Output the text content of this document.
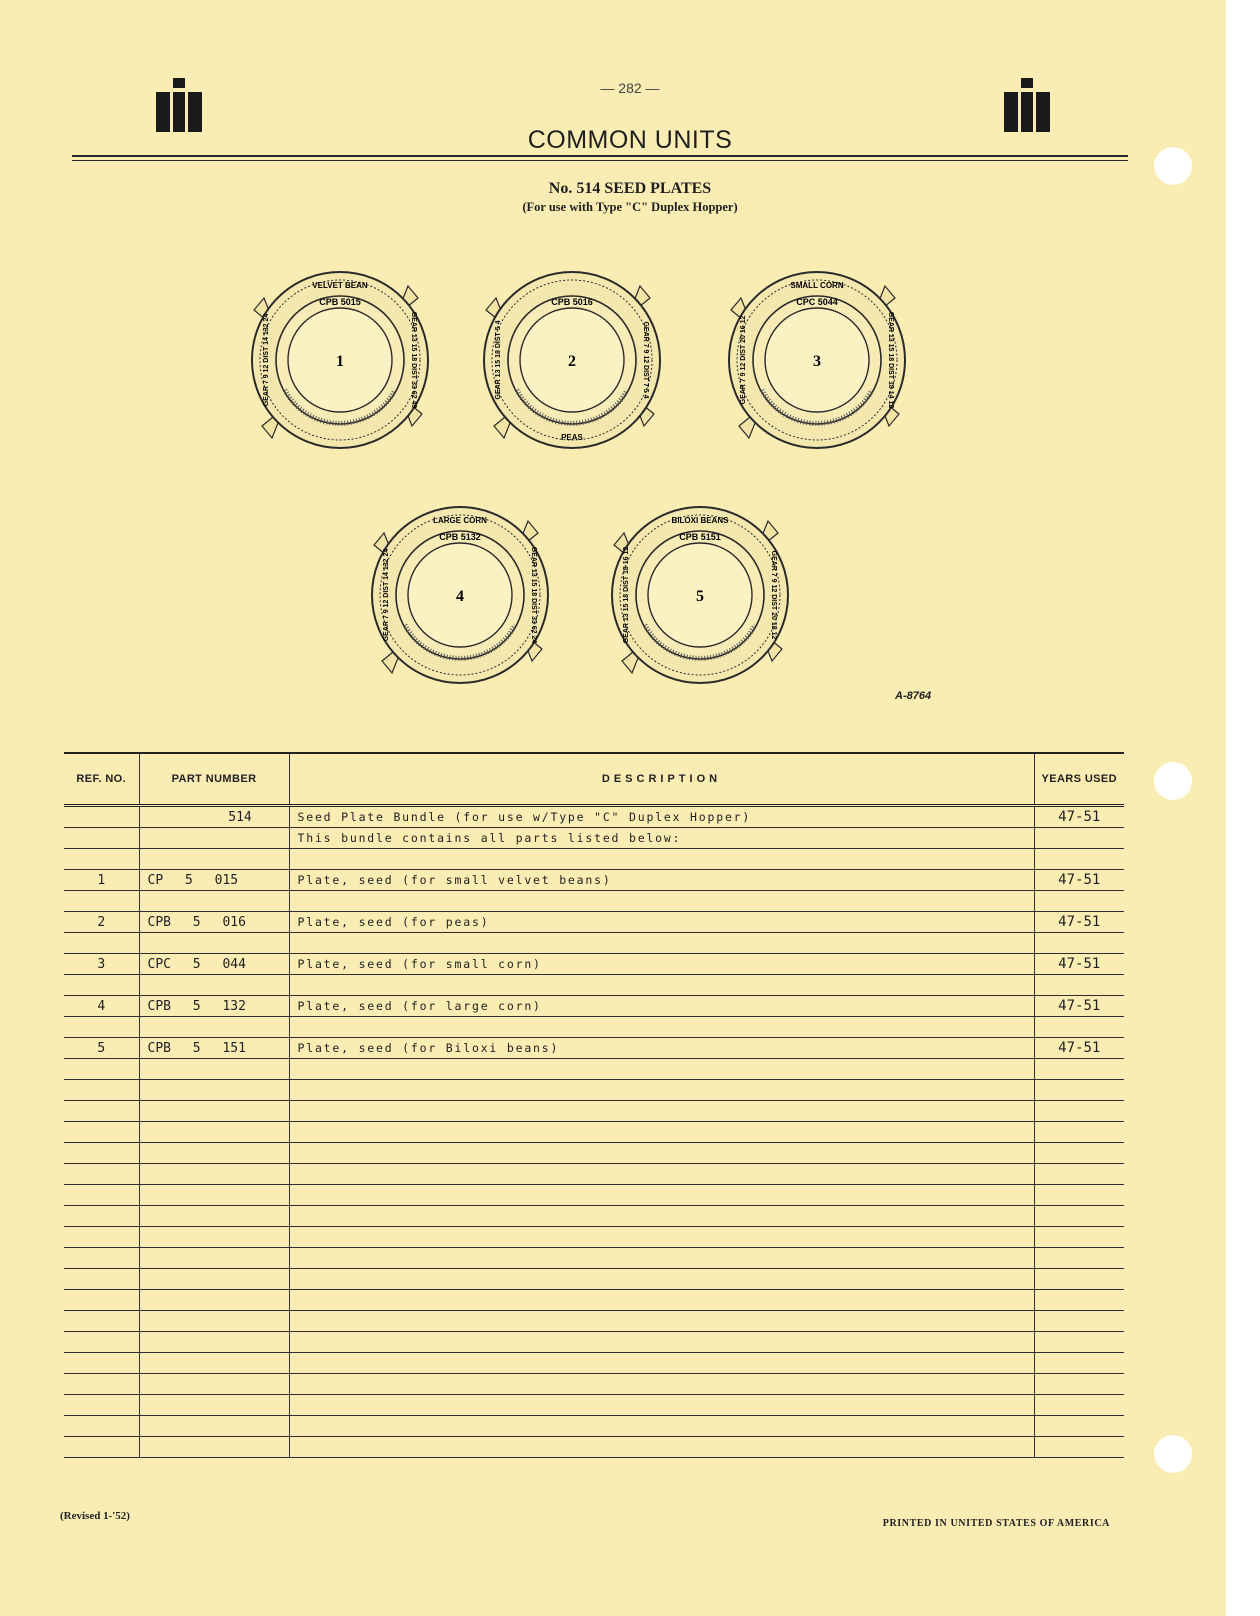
— 282 —
COMMON UNITS
No. 514 SEED PLATES
(For use with Type "C" Duplex Hopper)
CPB 5015
VELVET BEAN
GEAR 7 9 12 DIST 14 132 24	GEAR 13 15 18 DIST 33 62 49
1
CPB 5016
PEAS
GEAR 13 15 18 DIST 5 4	GEAR 7 9 12 DIST 7 5 4
2
CPC 5044
SMALL CORN
GEAR 7 9 12 DIST 20 16 12	GEAR 13 15 18 DIST 18 14 12
3
CPB 5132
LARGE CORN
GEAR 7 9 12 DIST 14 132 24	GEAR 13 15 18 DIST 33 62 24
4
CPB 5151
BILOXI BEANS
GEAR 13 15 18 DIST 18 16 12	GEAR 7 9 12 DIST 20 18 12
5
A-8764
REF. NO.	PART NUMBER	DESCRIPTION	YEARS USED
	514	Seed Plate Bundle (for use w/Type "C" Duplex Hopper)	47-51
		This bundle contains all parts listed below:	

1	CP 5 015	Plate, seed (for small velvet beans)	47-51

2	CPB 5 016	Plate, seed (for peas)	47-51

3	CPC 5 044	Plate, seed (for small corn)	47-51

4	CPB 5 132	Plate, seed (for large corn)	47-51

5	CPB 5 151	Plate, seed (for Biloxi beans)	47-51

(Revised 1-'52)
PRINTED IN UNITED STATES OF AMERICA
